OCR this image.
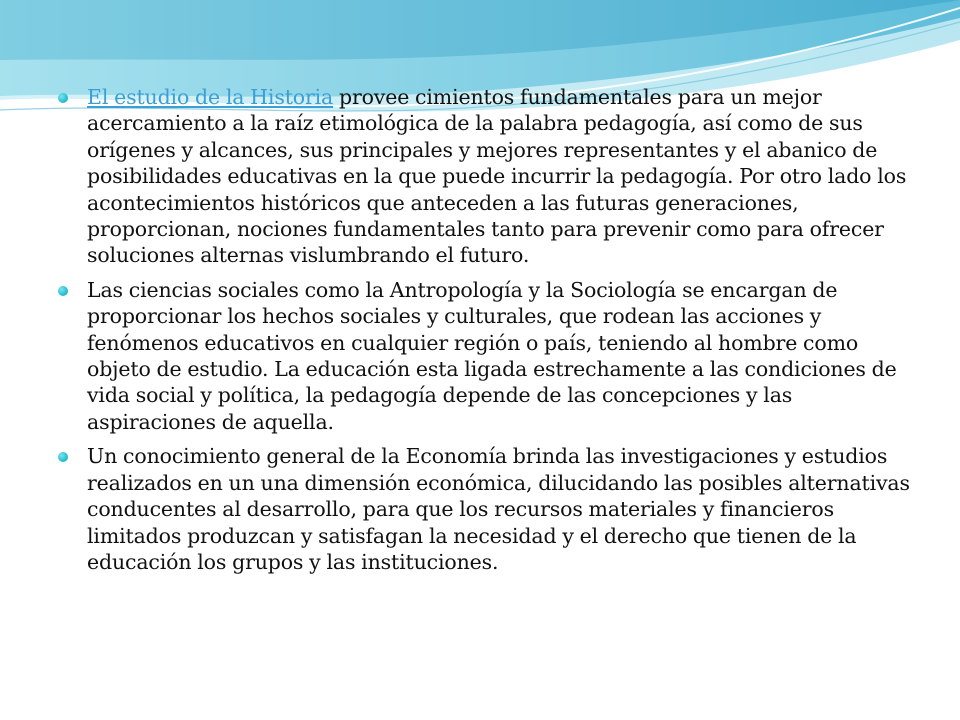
El estudio de la Historia provee cimientos fundamentales para un mejor acercamiento a la raíz etimológica de la palabra pedagogía, así como de sus orígenes y alcances, sus principales y mejores representantes y el abanico de posibilidades educativas en la que puede incurrir la pedagogía. Por otro lado los acontecimientos históricos que anteceden a las futuras generaciones, proporcionan, nociones fundamentales tanto para prevenir como para ofrecer soluciones alternas vislumbrando el futuro.
Las ciencias sociales como la Antropología y la Sociología se encargan de proporcionar los hechos sociales y culturales, que rodean las acciones y fenómenos educativos en cualquier región o país, teniendo al hombre como objeto de estudio. La educación esta ligada estrechamente a las condiciones de vida social y política, la pedagogía depende de las concepciones y las aspiraciones de aquella.
Un conocimiento general de la Economía brinda las investigaciones y estudios realizados en un una dimensión económica, dilucidando las posibles alternativas conducentes al desarrollo, para que los recursos materiales y financieros limitados produzcan y satisfagan la necesidad y el derecho que tienen de la educación los grupos y las instituciones.
